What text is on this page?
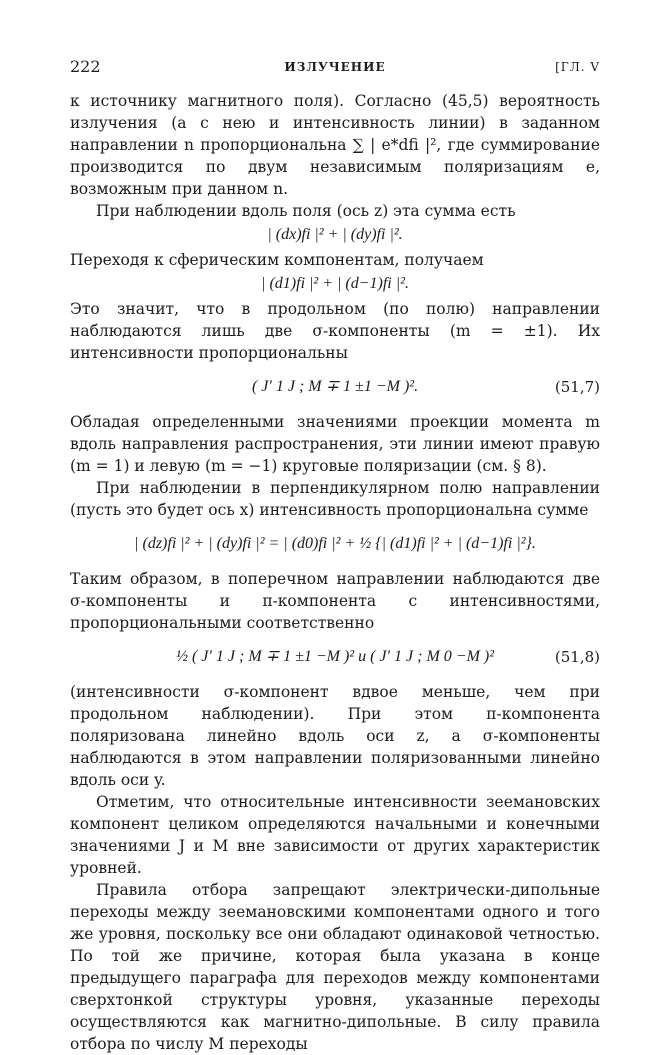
222	ИЗЛУЧЕНИЕ	[ГЛ. V

к источнику магнитного поля). Согласно (45,5) вероятность излучения (а с нею и интенсивность линии) в заданном направлении n пропорциональна ∑ | e*dfi |², где суммирование производится по двум независимым поляризациям e, возможным при данном n.

При наблюдении вдоль поля (ось z) эта сумма есть

| (dx)fi |² + | (dy)fi |².

Переходя к сферическим компонентам, получаем

| (d1)fi |² + | (d−1)fi |².

Это значит, что в продольном (по полю) направлении наблюдаются лишь две σ-компоненты (m = ±1). Их интенсивности пропорциональны

( J′ 1 J ; M ∓ 1 ±1 −M )².	(51,7)

Обладая определенными значениями проекции момента m вдоль направления распространения, эти линии имеют правую (m = 1) и левую (m = −1) круговые поляризации (см. § 8).

При наблюдении в перпендикулярном полю направлении (пусть это будет ось x) интенсивность пропорциональна сумме

| (dz)fi |² + | (dy)fi |² = | (d0)fi |² + ½ {| (d1)fi |² + | (d−1)fi |²}.

Таким образом, в поперечном направлении наблюдаются две σ-компоненты и π-компонента с интенсивностями, пропорциональными соответственно

½ ( J′ 1 J ; M ∓ 1 ±1 −M )² и ( J′ 1 J ; M 0 −M )²	(51,8)

(интенсивности σ-компонент вдвое меньше, чем при продольном наблюдении). При этом π-компонента поляризована линейно вдоль оси z, а σ-компоненты наблюдаются в этом направлении поляризованными линейно вдоль оси y.

Отметим, что относительные интенсивности зеемановских компонент целиком определяются начальными и конечными значениями J и M вне зависимости от других характеристик уровней.

Правила отбора запрещают электрически-дипольные переходы между зеемановскими компонентами одного и того же уровня, поскольку все они обладают одинаковой четностью. По той же причине, которая была указана в конце предыдущего параграфа для переходов между компонентами сверхтонкой структуры уровня, указанные переходы осуществляются как магнитно-дипольные. В силу правила отбора по числу M переходы
